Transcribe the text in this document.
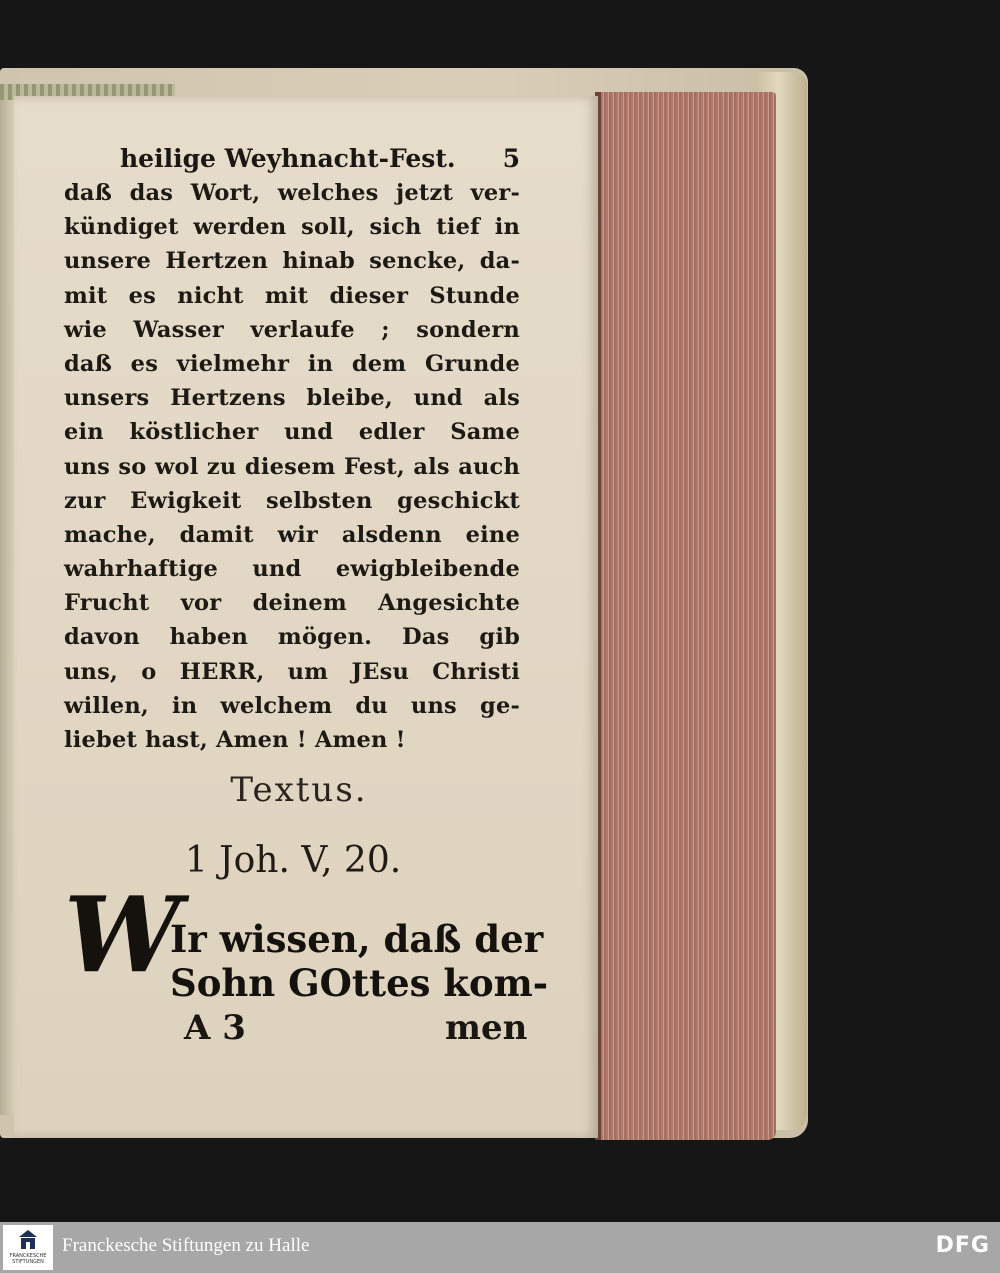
heilige Weyhnacht-Fest. 5
daß das Wort, welches jetzt ver-
kündiget werden soll, sich tief in
unsere Hertzen hinab sencke, da-
mit es nicht mit dieser Stunde
wie Wasser verlaufe ; sondern
daß es vielmehr in dem Grunde
unsers Hertzens bleibe, und als
ein köstlicher und edler Same
uns so wol zu diesem Fest, als auch
zur Ewigkeit selbsten geschickt
mache, damit wir alsdenn eine
wahrhaftige und ewigbleibende
Frucht vor deinem Angesichte
davon haben mögen. Das gib
uns, o HERR, um JEsu Christi
willen, in welchem du uns ge-
liebet hast, Amen ! Amen !
Textus.
1 Joh. V, 20.
W
Ir wissen, daß der
Sohn GOttes kom-
A 3	men
FRANCKESCHE STIFTUNGEN
Franckesche Stiftungen zu Halle	DFG
